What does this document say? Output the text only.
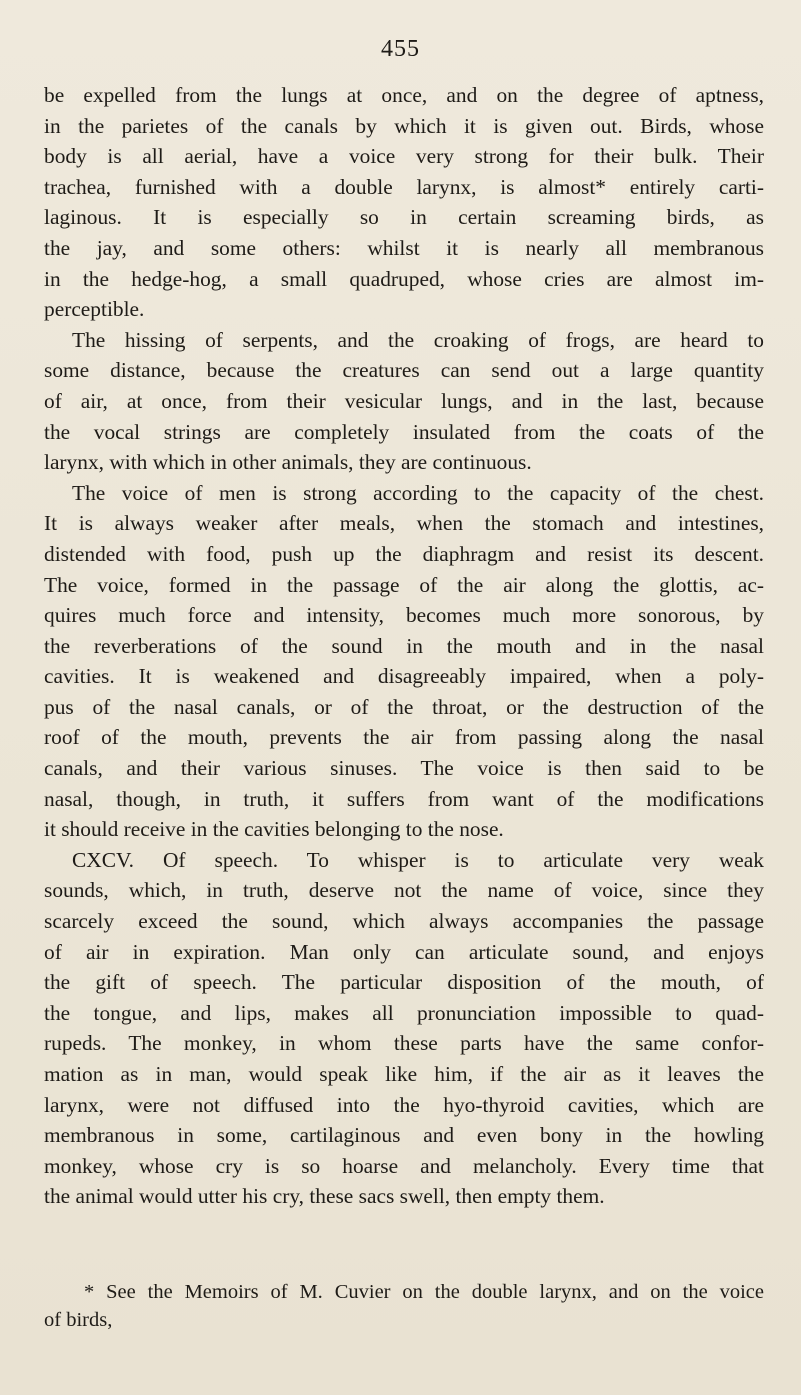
455
be expelled from the lungs at once, and on the degree of aptness,
in the parietes of the canals by which it is given out. Birds, whose
body is all aerial, have a voice very strong for their bulk. Their
trachea, furnished with a double larynx, is almost* entirely carti-
laginous. It is especially so in certain screaming birds, as
the jay, and some others: whilst it is nearly all membranous
in the hedge-hog, a small quadruped, whose cries are almost im-
perceptible.
The hissing of serpents, and the croaking of frogs, are heard to
some distance, because the creatures can send out a large quantity
of air, at once, from their vesicular lungs, and in the last, because
the vocal strings are completely insulated from the coats of the
larynx, with which in other animals, they are continuous.
The voice of men is strong according to the capacity of the chest.
It is always weaker after meals, when the stomach and intestines,
distended with food, push up the diaphragm and resist its descent.
The voice, formed in the passage of the air along the glottis, ac-
quires much force and intensity, becomes much more sonorous, by
the reverberations of the sound in the mouth and in the nasal
cavities. It is weakened and disagreeably impaired, when a poly-
pus of the nasal canals, or of the throat, or the destruction of the
roof of the mouth, prevents the air from passing along the nasal
canals, and their various sinuses. The voice is then said to be
nasal, though, in truth, it suffers from want of the modifications
it should receive in the cavities belonging to the nose.
CXCV. Of speech. To whisper is to articulate very weak
sounds, which, in truth, deserve not the name of voice, since they
scarcely exceed the sound, which always accompanies the passage
of air in expiration. Man only can articulate sound, and enjoys
the gift of speech. The particular disposition of the mouth, of
the tongue, and lips, makes all pronunciation impossible to quad-
rupeds. The monkey, in whom these parts have the same confor-
mation as in man, would speak like him, if the air as it leaves the
larynx, were not diffused into the hyo-thyroid cavities, which are
membranous in some, cartilaginous and even bony in the howling
monkey, whose cry is so hoarse and melancholy. Every time that
the animal would utter his cry, these sacs swell, then empty them.
* See the Memoirs of M. Cuvier on the double larynx, and on the voice
of birds,
